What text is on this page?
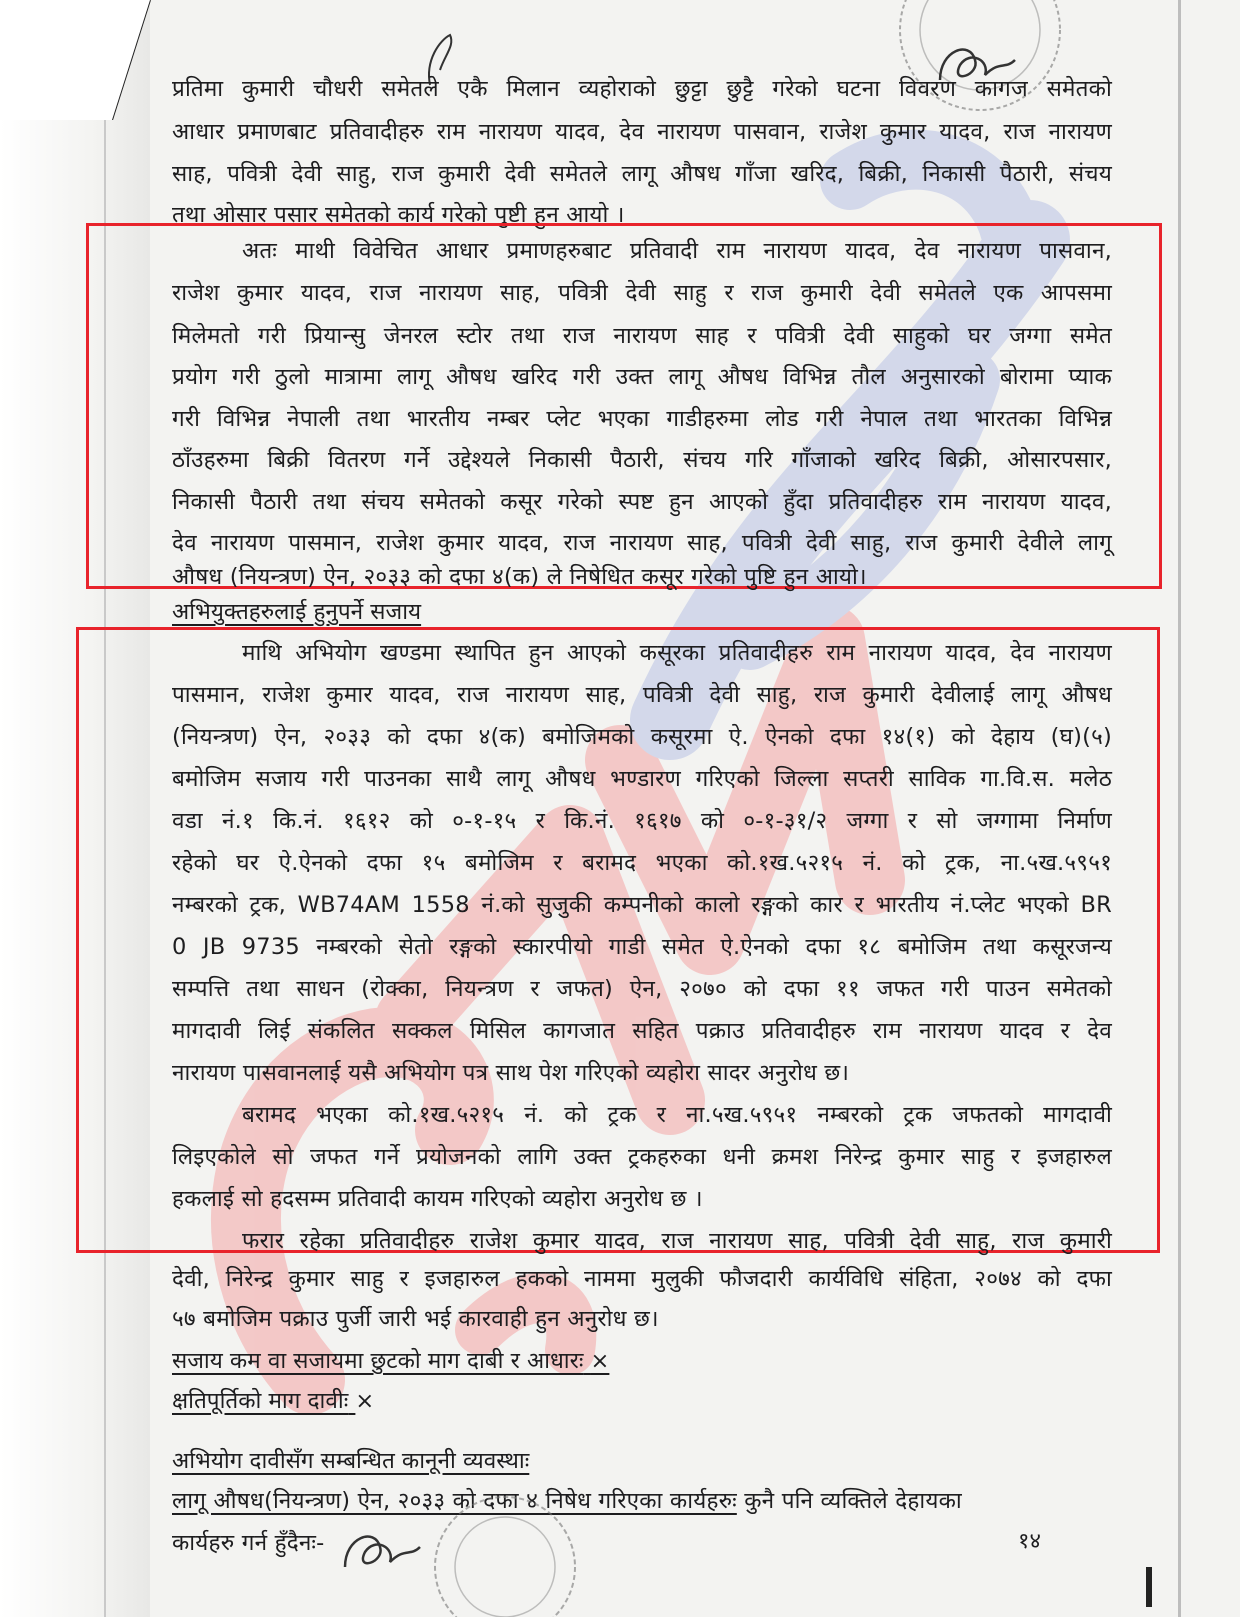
प्रतिमा कुमारी चौधरी समेतले एकै मिलान व्यहोराको छुट्टा छुट्टै गरेको घटना विवरण कागज समेतको
आधार प्रमाणबाट प्रतिवादीहरु राम नारायण यादव, देव नारायण पासवान, राजेश कुमार यादव, राज नारायण
साह, पवित्री देवी साहु, राज कुमारी देवी समेतले लागू औषध गाँजा खरिद, बिक्री, निकासी पैठारी, संचय
तथा ओसार पसार समेतको कार्य गरेको पुष्टी हुन आयो ।
अतः माथी विवेचित आधार प्रमाणहरुबाट प्रतिवादी राम नारायण यादव, देव नारायण पासवान,
राजेश कुमार यादव, राज नारायण साह, पवित्री देवी साहु र राज कुमारी देवी समेतले एक आपसमा
मिलेमतो गरी प्रियान्सु जेनरल स्टोर तथा राज नारायण साह र पवित्री देवी साहुको घर जग्गा समेत
प्रयोग गरी ठुलो मात्रामा लागू औषध खरिद गरी उक्त लागू औषध विभिन्न तौल अनुसारको बोरामा प्याक
गरी विभिन्न नेपाली तथा भारतीय नम्बर प्लेट भएका गाडीहरुमा लोड गरी नेपाल तथा भारतका विभिन्न
ठाँउहरुमा बिक्री वितरण गर्ने उद्देश्यले निकासी पैठारी, संचय गरि गाँजाको खरिद बिक्री, ओसारपसार,
निकासी पैठारी तथा संचय समेतको कसूर गरेको स्पष्ट हुन आएको हुँदा प्रतिवादीहरु राम नारायण यादव,
देव नारायण पासमान, राजेश कुमार यादव, राज नारायण साह, पवित्री देवी साहु, राज कुमारी देवीले लागू
औषध (नियन्त्रण) ऐन, २०३३ को दफा ४(क) ले निषेधित कसूर गरेको पुष्टि हुन आयो।
अभियुक्तहरुलाई हुनुपर्ने सजाय
माथि अभियोग खण्डमा स्थापित हुन आएको कसूरका प्रतिवादीहरु राम नारायण यादव, देव नारायण
पासमान, राजेश कुमार यादव, राज नारायण साह, पवित्री देवी साहु, राज कुमारी देवीलाई लागू औषध
(नियन्त्रण) ऐन, २०३३ को दफा ४(क) बमोजिमको कसूरमा ऐ. ऐनको दफा १४(१) को देहाय (घ)(५)
बमोजिम सजाय गरी पाउनका साथै लागू औषध भण्डारण गरिएको जिल्ला सप्तरी साविक गा.वि.स. मलेठ
वडा नं.१ कि.नं. १६१२ को ०-१-१५ र कि.नं. १६१७ को ०-१-३१/२ जग्गा र सो जग्गामा निर्माण
रहेको घर ऐ.ऐनको दफा १५ बमोजिम र बरामद भएका को.१ख.५२१५ नं. को ट्रक, ना.५ख.५९५१
नम्बरको ट्रक, WB74AM 1558 नं.को सुजुकी कम्पनीको कालो रङ्गको कार र भारतीय नं.प्लेट भएको BR
0 JB 9735 नम्बरको सेतो रङ्गको स्कारपीयो गाडी समेत ऐ.ऐनको दफा १८ बमोजिम तथा कसूरजन्य
सम्पत्ति तथा साधन (रोक्का, नियन्त्रण र जफत) ऐन, २०७० को दफा ११ जफत गरी पाउन समेतको
मागदावी लिई संकलित सक्कल मिसिल कागजात सहित पक्राउ प्रतिवादीहरु राम नारायण यादव र देव
नारायण पासवानलाई यसै अभियोग पत्र साथ पेश गरिएको व्यहोरा सादर अनुरोध छ।
बरामद भएका को.१ख.५२१५ नं. को ट्रक र ना.५ख.५९५१ नम्बरको ट्रक जफतको मागदावी
लिइएकोले सो जफत गर्ने प्रयोजनको लागि उक्त ट्रकहरुका धनी क्रमश निरेन्द्र कुमार साहु र इजहारुल
हकलाई सो हदसम्म प्रतिवादी कायम गरिएको व्यहोरा अनुरोध छ ।
फरार रहेका प्रतिवादीहरु राजेश कुमार यादव, राज नारायण साह, पवित्री देवी साहु, राज कुमारी
देवी, निरेन्द्र कुमार साहु र इजहारुल हकको नाममा मुलुकी फौजदारी कार्यविधि संहिता, २०७४ को दफा
५७ बमोजिम पक्राउ पुर्जी जारी भई कारवाही हुन अनुरोध छ।
सजाय कम वा सजायमा छुटको माग दाबी र आधारः ×
क्षतिपूर्तिको माग दावीः ×
अभियोग दावीसँग सम्बन्धित कानूनी व्यवस्थाः
लागू औषध(नियन्त्रण) ऐन, २०३३ को दफा ४ निषेध गरिएका कार्यहरुः कुनै पनि व्यक्तिले देहायका
कार्यहरु गर्न हुँदैनः-	१४
